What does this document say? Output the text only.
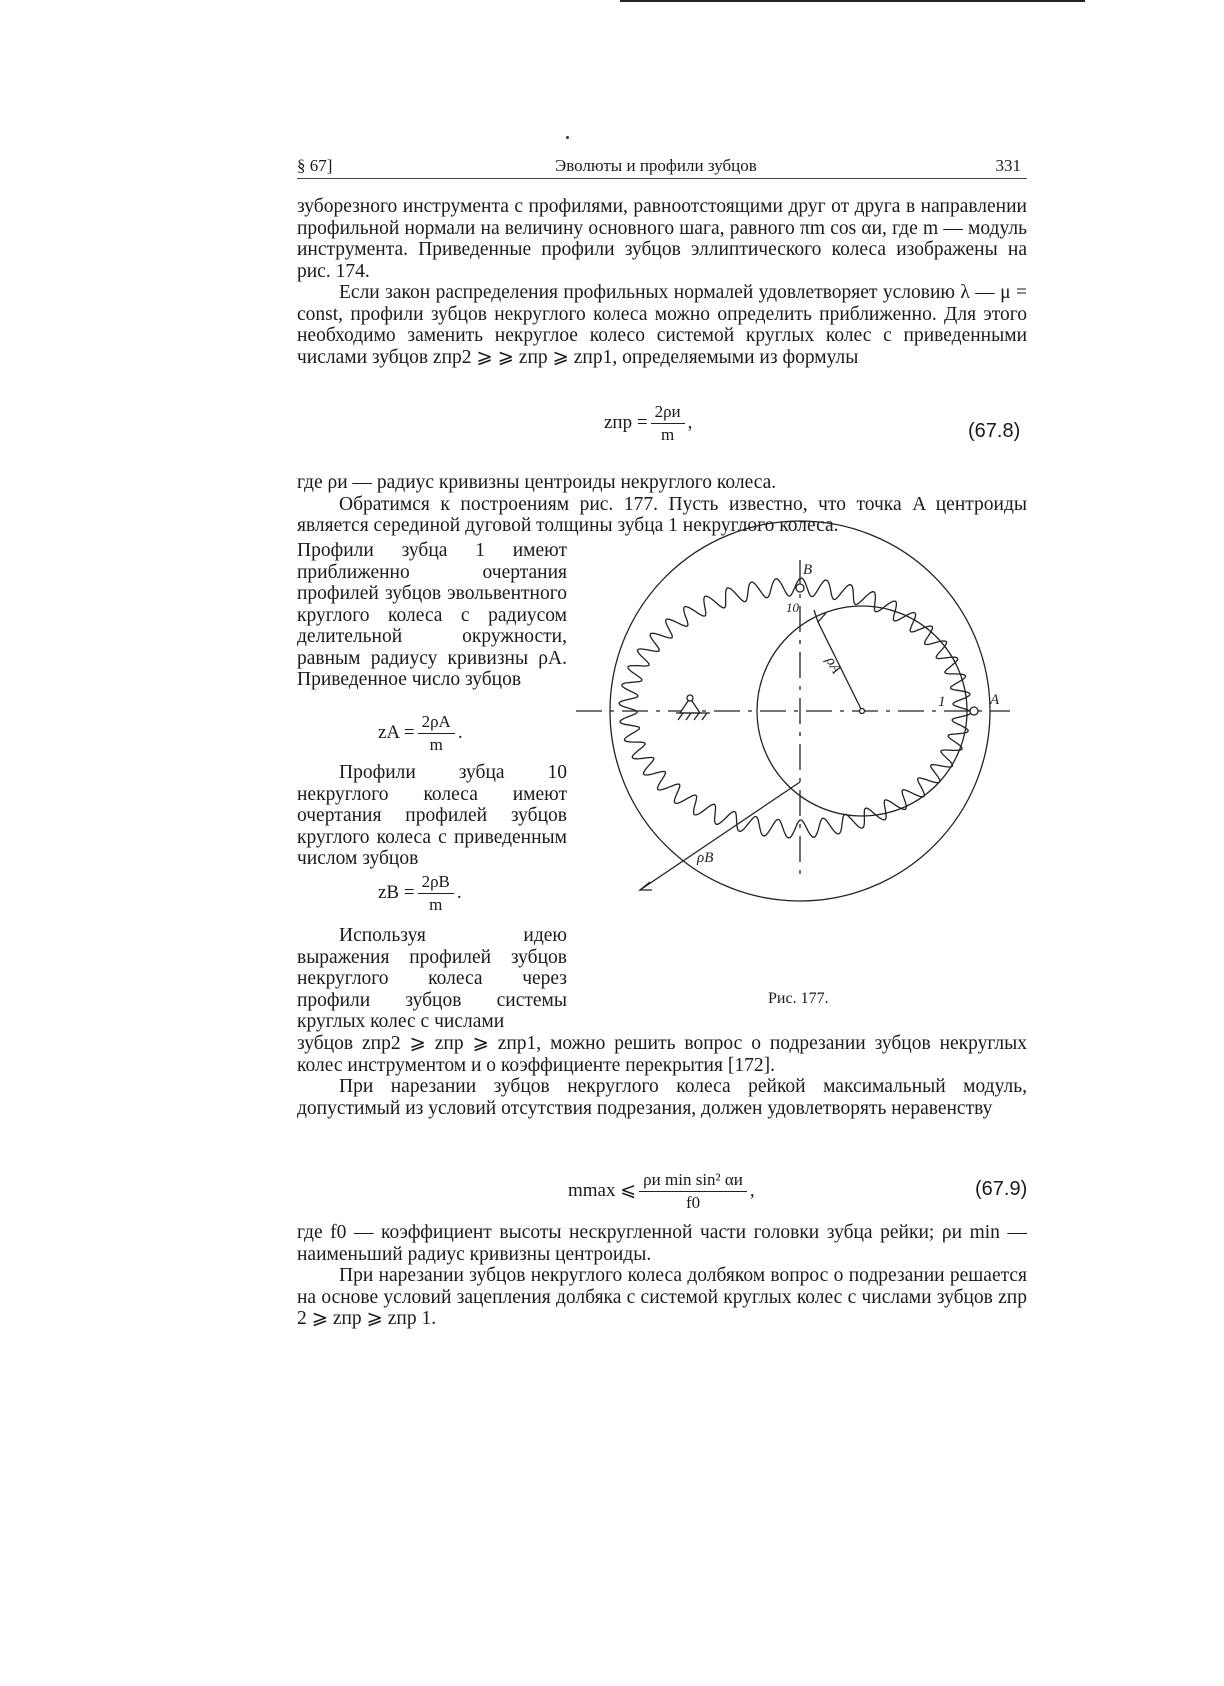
§ 67]	Эволюты и профили зубцов	331

зуборезного инструмента с профилями, равноотстоящими друг от друга в направлении профильной нормали на величину основного шага, равного πm cos αи, где m — модуль инструмента. Приведенные профили зубцов эллиптического колеса изображены на рис. 174.

Если закон распределения профильных нормалей удовлетворяет условию λ — μ = const, профили зубцов некруглого колеса можно определить приближенно. Для этого необходимо заменить некруглое колесо системой круглых колес с приведенными числами зубцов zпр2 ⩾ ⩾ zпр ⩾ zпр1, определяемыми из формулы

zпр = $\frac{2\rho и}{m}$ ,	(67.8)

где ρи — радиус кривизны центроиды некруглого колеса.

Обратимся к построениям рис. 177. Пусть известно, что точка A центроиды является серединой дуговой толщины зубца 1 некруглого колеса.

Профили зубца 1 имеют приближенно очертания профилей зубцов эвольвентного круглого колеса с радиусом делительной окружности, равным радиусу кривизны ρA. Приведенное число зубцов

zA = $\frac{2\rho A}{m}$ .

Профили зубца 10 некруглого колеса имеют очертания профилей зубцов круглого колеса с приведенным числом зубцов

zB = $\frac{2\rho B}{m}$ .

Используя идею выражения профилей зубцов некруглого колеса через профили зубцов системы круглых колес с числами

зубцов zпр2 ⩾ zпр ⩾ zпр1, можно решить вопрос о подрезании зубцов некруглых колес инструментом и о коэффициенте перекрытия [172].

При нарезании зубцов некруглого колеса рейкой максимальный модуль, допустимый из условий отсутствия подрезания, должен удовлетворять неравенству

mmax ⩽ $\frac{\text{ρи min sin² αи}}{f0}$ ,	(67.9)

где f0 — коэффициент высоты нескругленной части головки зубца рейки; ρи min — наименьший радиус кривизны центроиды.

При нарезании зубцов некруглого колеса долбяком вопрос о подрезании решается на основе условий зацепления долбяка с системой круглых колес с числами зубцов zпр 2 ⩾ zпр ⩾ zпр 1.

B
10
1	A
ρA
ρB
Рис. 177.
